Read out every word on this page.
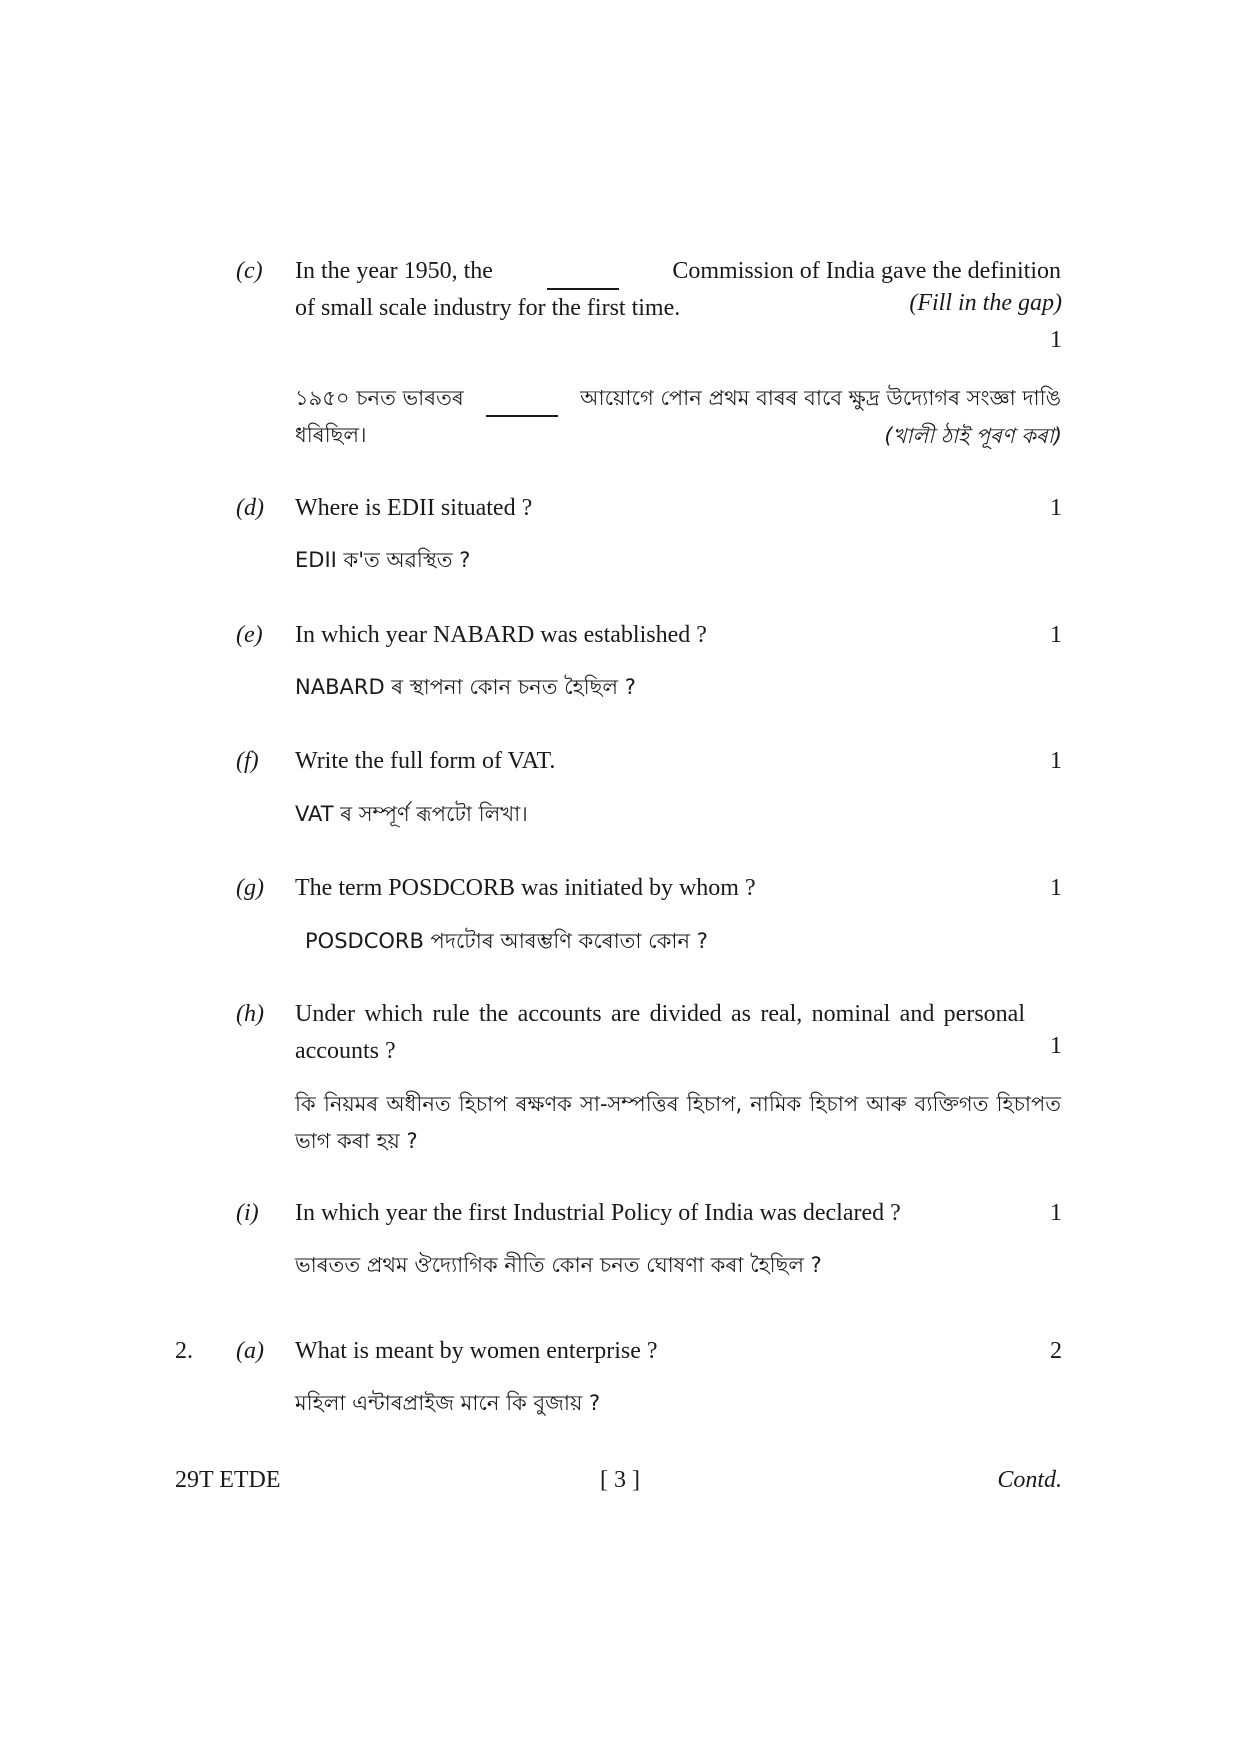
(c) In the year 1950, the	Commission of India gave the definition
of small scale industry for the first time.	(Fill in the gap)
1
১৯৫০ চনত ভাৰতৰ	আয়োগে পোন প্ৰথম বাৰৰ বাবে ক্ষুদ্ৰ উদ্যোগৰ সংজ্ঞা দাঙি
ধৰিছিল।	(খালী ঠাই পূৰণ কৰা)
(d) Where is EDII situated ?	1
EDII ক'ত অৱস্থিত ?
(e) In which year NABARD was established ?	1
NABARD ৰ স্থাপনা কোন চনত হৈছিল ?
(f) Write the full form of VAT.	1
VAT ৰ সম্পূৰ্ণ ৰূপটো লিখা।
(g) The term POSDCORB was initiated by whom ?	1
POSDCORB পদটোৰ আৰম্ভণি কৰোতা কোন ?
(h) Under which rule the accounts are divided as real, nominal and personal accounts ?	1
কি নিয়মৰ অধীনত হিচাপ ৰক্ষণক সা-সম্পত্তিৰ হিচাপ, নামিক হিচাপ আৰু ব্যক্তিগত হিচাপত ভাগ কৰা হয় ?
(i) In which year the first Industrial Policy of India was declared ?	1
ভাৰতত প্ৰথম ঔদ্যোগিক নীতি কোন চনত ঘোষণা কৰা হৈছিল ?
2. (a) What is meant by women enterprise ?	2
মহিলা এন্টাৰপ্ৰাইজ মানে কি বুজায় ?
29T ETDE	[ 3 ]	Contd.
